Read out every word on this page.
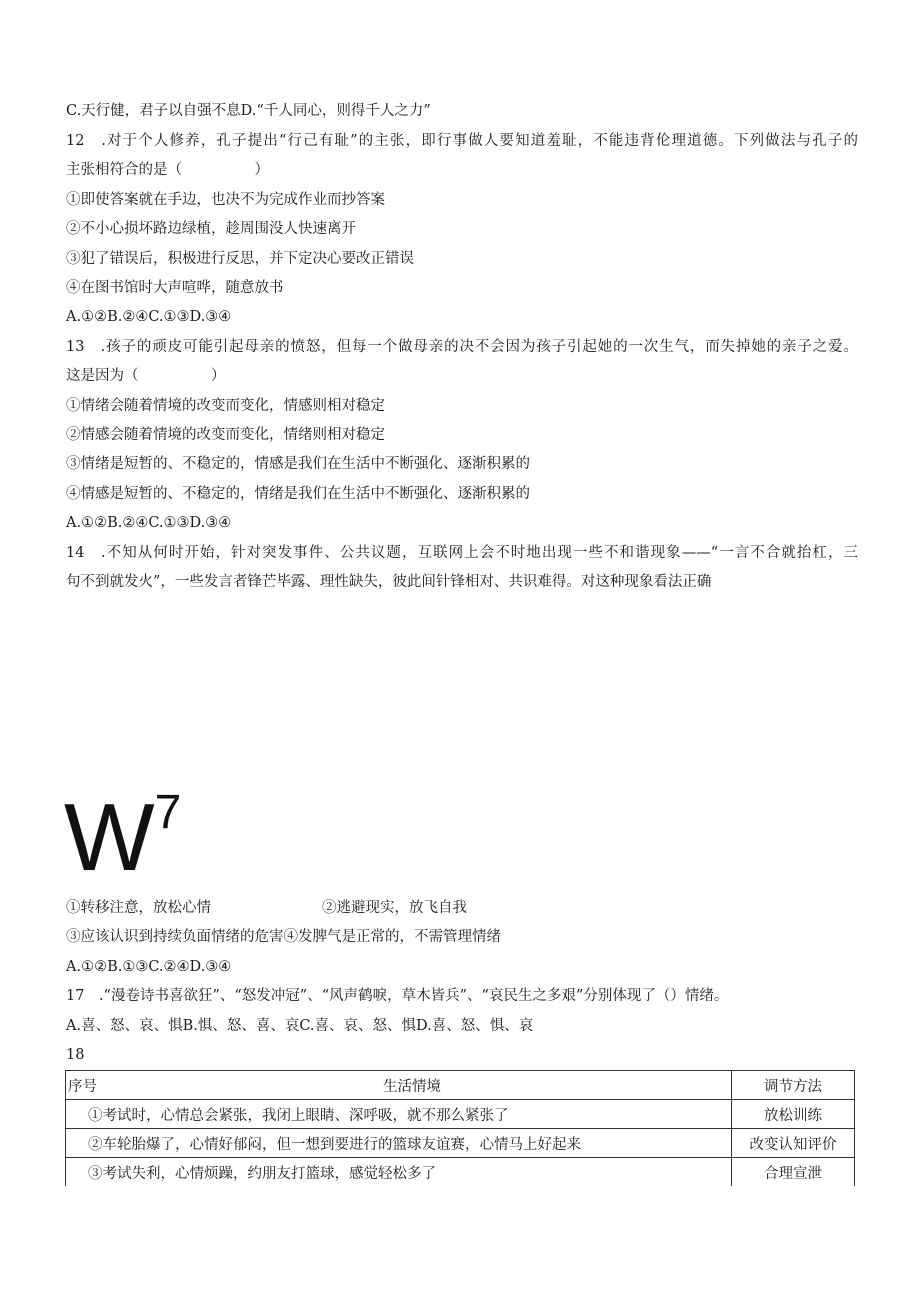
C.天行健，君子以自强不息D.“千人同心，则得千人之力”
12　.对于个人修养，孔子提出“行己有耻”的主张，即行事做人要知道羞耻，不能违背伦理道德。下列做法与孔子的
主张相符合的是（　　　　　）
①即使答案就在手边，也决不为完成作业而抄答案
②不小心损坏路边绿植，趁周围没人快速离开
③犯了错误后，积极进行反思，并下定决心要改正错误
④在图书馆时大声喧哗，随意放书
A.①②B.②④C.①③D.③④
13　.孩子的顽皮可能引起母亲的愤怒，但每一个做母亲的决不会因为孩子引起她的一次生气，而失掉她的亲子之爱。
这是因为（　　　　　）
①情绪会随着情境的改变而变化，情感则相对稳定
②情感会随着情境的改变而变化，情绪则相对稳定
③情绪是短暂的、不稳定的，情感是我们在生活中不断强化、逐渐积累的
④情感是短暂的、不稳定的，情绪是我们在生活中不断强化、逐渐积累的
A.①②B.②④C.①③D.③④
14　.不知从何时开始，针对突发事件、公共议题，互联网上会不时地出现一些不和谐现象——“一言不合就抬杠，三
句不到就发火”，一些发言者锋芒毕露、理性缺失，彼此间针锋相对、共识难得。对这种现象看法正确
W7
①转移注意，放松心情	②逃避现实，放飞自我
③应该认识到持续负面情绪的危害④发脾气是正常的，不需管理情绪
A.①②B.①③C.②④D.③④
17　.“漫卷诗书喜欲狂”、“怒发冲冠”、“风声鹤唳，草木皆兵”、“哀民生之多艰”分别体现了（）情绪。
A.喜、怒、哀、惧B.惧、怒、喜、哀C.喜、哀、怒、惧D.喜、怒、惧、哀
18
序号 生活情境	调节方法
①考试时，心情总会紧张，我闭上眼睛、深呼吸，就不那么紧张了	放松训练
②车轮胎爆了，心情好郁闷，但一想到要进行的篮球友谊赛，心情马上好起来	改变认知评价
③考试失利，心情烦躁，约朋友打篮球，感觉轻松多了	合理宣泄
